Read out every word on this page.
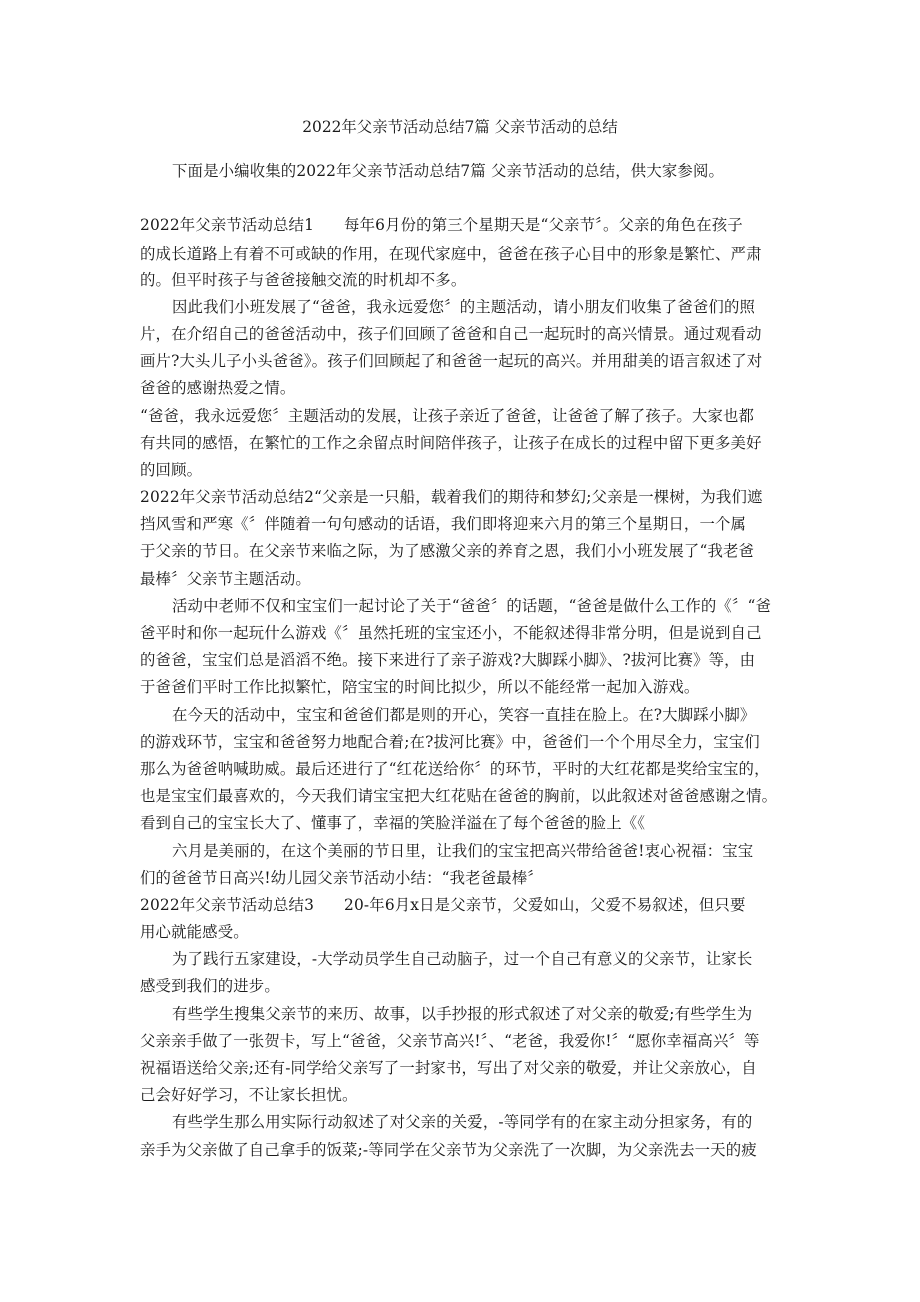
2022年父亲节活动总结7篇 父亲节活动的总结
下面是小编收集的2022年父亲节活动总结7篇 父亲节活动的总结，供大家参阅。
2022年父亲节活动总结1 每年6月份的第三个星期天是“父亲节〞。父亲的角色在孩子
的成长道路上有着不可或缺的作用，在现代家庭中，爸爸在孩子心目中的形象是繁忙、严肃
的。但平时孩子与爸爸接触交流的时机却不多。
因此我们小班发展了“爸爸，我永远爱您〞的主题活动，请小朋友们收集了爸爸们的照
片，在介绍自己的爸爸活动中，孩子们回顾了爸爸和自己一起玩时的高兴情景。通过观看动
画片?大头儿子小头爸爸》。孩子们回顾起了和爸爸一起玩的高兴。并用甜美的语言叙述了对
爸爸的感谢热爱之情。
“爸爸，我永远爱您〞主题活动的发展，让孩子亲近了爸爸，让爸爸了解了孩子。大家也都
有共同的感悟，在繁忙的工作之余留点时间陪伴孩子，让孩子在成长的过程中留下更多美好
的回顾。
2022年父亲节活动总结2“父亲是一只船，载着我们的期待和梦幻;父亲是一棵树，为我们遮
挡风雪和严寒《〞伴随着一句句感动的话语，我们即将迎来六月的第三个星期日，一个属
于父亲的节日。在父亲节来临之际，为了感激父亲的养育之恩，我们小小班发展了“我老爸
最棒〞父亲节主题活动。
活动中老师不仅和宝宝们一起讨论了关于“爸爸〞的话题，“爸爸是做什么工作的《〞“爸
爸平时和你一起玩什么游戏《〞虽然托班的宝宝还小，不能叙述得非常分明，但是说到自己
的爸爸，宝宝们总是滔滔不绝。接下来进行了亲子游戏?大脚踩小脚》、?拔河比赛》等，由
于爸爸们平时工作比拟繁忙，陪宝宝的时间比拟少，所以不能经常一起加入游戏。
在今天的活动中，宝宝和爸爸们都是则的开心，笑容一直挂在脸上。在?大脚踩小脚》
的游戏环节，宝宝和爸爸努力地配合着;在?拔河比赛》中，爸爸们一个个用尽全力，宝宝们
那么为爸爸呐喊助威。最后还进行了“红花送给你〞的环节，平时的大红花都是奖给宝宝的，
也是宝宝们最喜欢的，今天我们请宝宝把大红花贴在爸爸的胸前，以此叙述对爸爸感谢之情。
看到自己的宝宝长大了、懂事了，幸福的笑脸洋溢在了每个爸爸的脸上《《
六月是美丽的，在这个美丽的节日里，让我们的宝宝把高兴带给爸爸!衷心祝福：宝宝
们的爸爸节日高兴!幼儿园父亲节活动小结：“我老爸最棒〞
2022年父亲节活动总结3 20-年6月x日是父亲节，父爱如山，父爱不易叙述，但只要
用心就能感受。
为了践行五家建设，-大学动员学生自己动脑子，过一个自己有意义的父亲节，让家长
感受到我们的进步。
有些学生搜集父亲节的来历、故事，以手抄报的形式叙述了对父亲的敬爱;有些学生为
父亲亲手做了一张贺卡，写上“爸爸，父亲节高兴!〞、“老爸，我爱你!〞“愿你幸福高兴〞等
祝福语送给父亲;还有-同学给父亲写了一封家书，写出了对父亲的敬爱，并让父亲放心，自
己会好好学习，不让家长担忧。
有些学生那么用实际行动叙述了对父亲的关爱，-等同学有的在家主动分担家务，有的
亲手为父亲做了自己拿手的饭菜;-等同学在父亲节为父亲洗了一次脚，为父亲洗去一天的疲
